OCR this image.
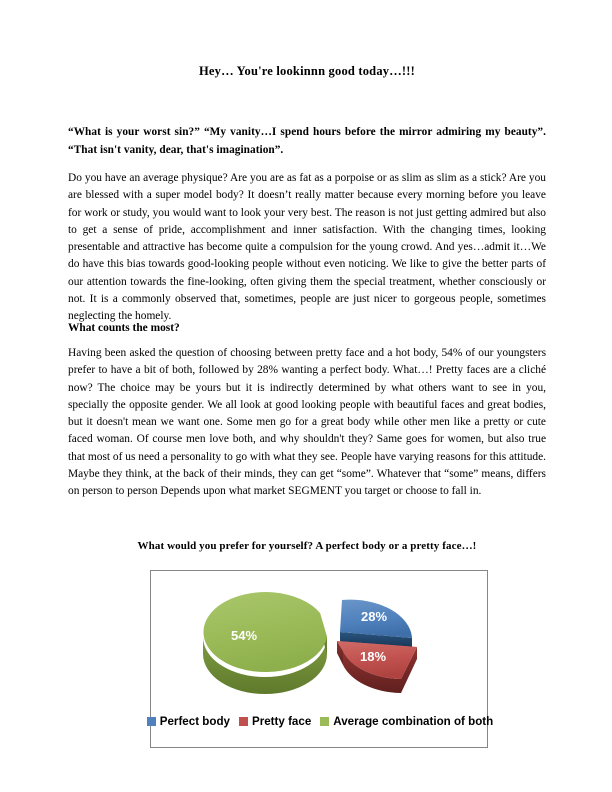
Hey… You're lookinnn good today…!!!
“What is your worst sin?” “My vanity…I spend hours before the mirror admiring my beauty”. “That isn't vanity, dear, that's imagination”.
Do you have an average physique? Are you are as fat as a porpoise or as slim as slim as a stick? Are you are blessed with a super model body? It doesn’t really matter because every morning before you leave for work or study, you would want to look your very best. The reason is not just getting admired but also to get a sense of pride, accomplishment and inner satisfaction. With the changing times, looking presentable and attractive has become quite a compulsion for the young crowd. And yes…admit it…We do have this bias towards good-looking people without even noticing. We like to give the better parts of our attention towards the fine-looking, often giving them the special treatment, whether consciously or not. It is a commonly observed that, sometimes, people are just nicer to gorgeous people, sometimes neglecting the homely.
What counts the most?
Having been asked the question of choosing between pretty face and a hot body, 54% of our youngsters prefer to have a bit of both, followed by 28% wanting a perfect body. What…! Pretty faces are a cliché now? The choice may be yours but it is indirectly determined by what others want to see in you, specially the opposite gender. We all look at good looking people with beautiful faces and great bodies, but it doesn't mean we want one. Some men go for a great body while other men like a pretty or cute faced woman. Of course men love both, and why shouldn't they? Same goes for women, but also true that most of us need a personality to go with what they see. People have varying reasons for this attitude. Maybe they think, at the back of their minds, they can get “some”. Whatever that “some” means, differs on person to person Depends upon what market SEGMENT you target or choose to fall in.
What would you prefer for yourself? A perfect body or a pretty face…!
54%
28%
18%
Perfect body Pretty face Average combination of both
